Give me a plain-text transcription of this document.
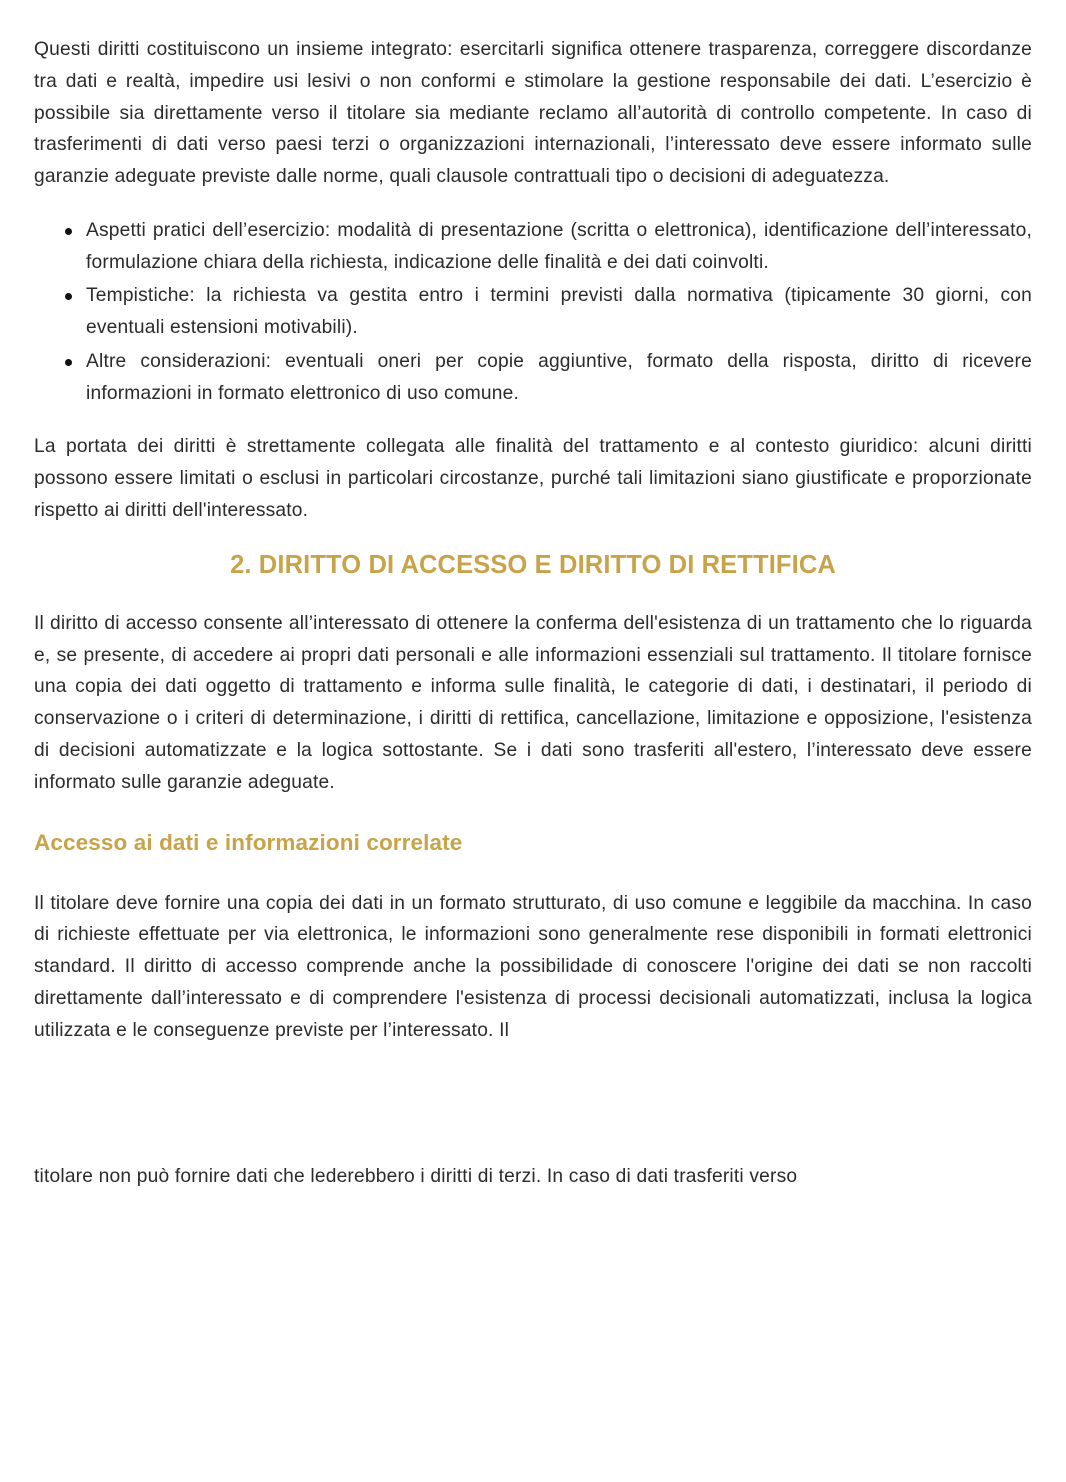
Questi diritti costituiscono un insieme integrato: esercitarli significa ottenere trasparenza, correggere discordanze tra dati e realtà, impedire usi lesivi o non conformi e stimolare la gestione responsabile dei dati. L’esercizio è possibile sia direttamente verso il titolare sia mediante reclamo all’autorità di controllo competente. In caso di trasferimenti di dati verso paesi terzi o organizzazioni internazionali, l’interessato deve essere informato sulle garanzie adeguate previste dalle norme, quali clausole contrattuali tipo o decisioni di adeguatezza.

Aspetti pratici dell’esercizio: modalità di presentazione (scritta o elettronica), identificazione dell’interessato, formulazione chiara della richiesta, indicazione delle finalità e dei dati coinvolti.
Tempistiche: la richiesta va gestita entro i termini previsti dalla normativa (tipicamente 30 giorni, con eventuali estensioni motivabili).
Altre considerazioni: eventuali oneri per copie aggiuntive, formato della risposta, diritto di ricevere informazioni in formato elettronico di uso comune.

La portata dei diritti è strettamente collegata alle finalità del trattamento e al contesto giuridico: alcuni diritti possono essere limitati o esclusi in particolari circostanze, purché tali limitazioni siano giustificate e proporzionate rispetto ai diritti dell'interessato.

2. DIRITTO DI ACCESSO E DIRITTO DI RETTIFICA

Il diritto di accesso consente all’interessato di ottenere la conferma dell'esistenza di un trattamento che lo riguarda e, se presente, di accedere ai propri dati personali e alle informazioni essenziali sul trattamento. Il titolare fornisce una copia dei dati oggetto di trattamento e informa sulle finalità, le categorie di dati, i destinatari, il periodo di conservazione o i criteri di determinazione, i diritti di rettifica, cancellazione, limitazione e opposizione, l'esistenza di decisioni automatizzate e la logica sottostante. Se i dati sono trasferiti all'estero, l’interessato deve essere informato sulle garanzie adeguate.

Accesso ai dati e informazioni correlate

Il titolare deve fornire una copia dei dati in un formato strutturato, di uso comune e leggibile da macchina. In caso di richieste effettuate per via elettronica, le informazioni sono generalmente rese disponibili in formati elettronici standard. Il diritto di accesso comprende anche la possibilidade di conoscere l'origine dei dati se non raccolti direttamente dall’interessato e di comprendere l'esistenza di processi decisionali automatizzati, inclusa la logica utilizzata e le conseguenze previste per l’interessato. Il

titolare non può fornire dati che lederebbero i diritti di terzi. In caso di dati trasferiti verso
